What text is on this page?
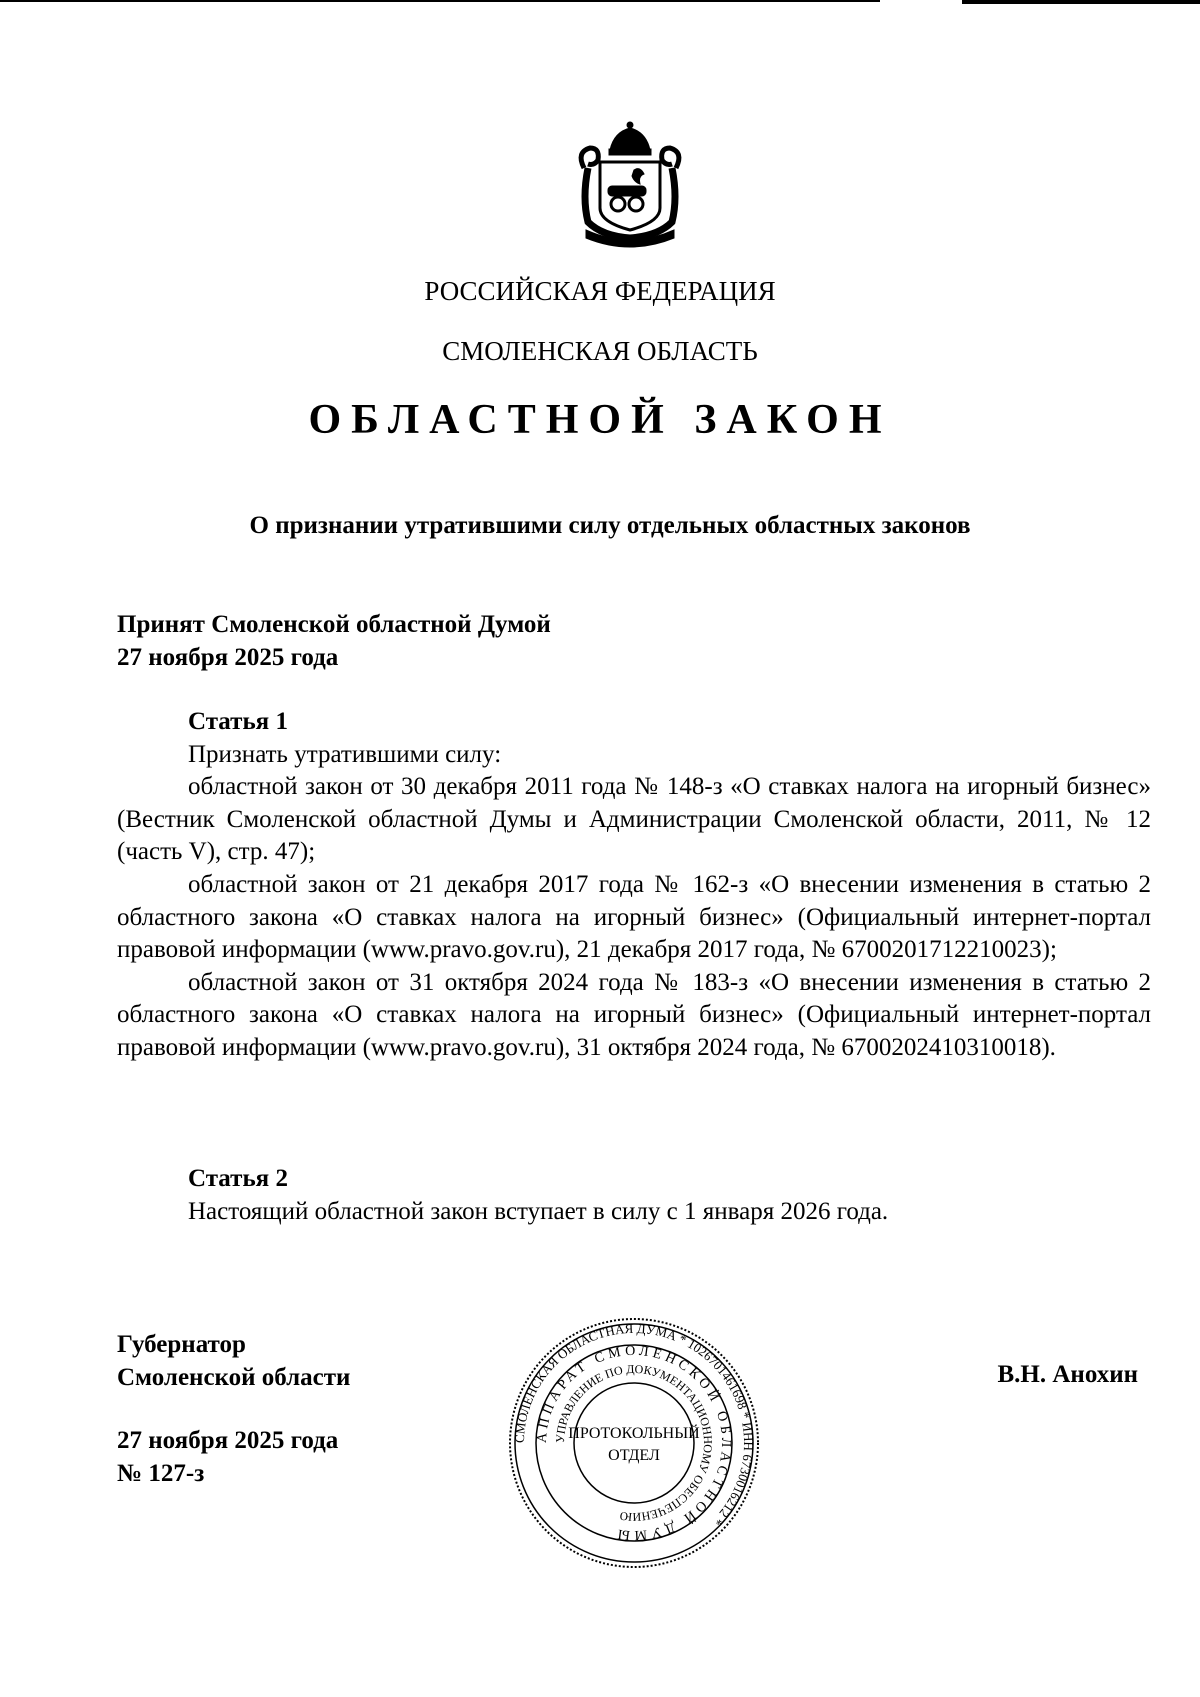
РОССИЙСКАЯ ФЕДЕРАЦИЯ
СМОЛЕНСКАЯ ОБЛАСТЬ
ОБЛАСТНОЙ ЗАКОН
О признании утратившими силу отдельных областных законов
Принят Смоленской областной Думой
27 ноября 2025 года

Статья 1

Признать утратившими силу:

областной закон от 30 декабря 2011 года № 148-з «О ставках налога на игорный бизнес» (Вестник Смоленской областной Думы и Администрации Смоленской области, 2011, № 12 (часть V), стр. 47);

областной закон от 21 декабря 2017 года № 162-з «О внесении изменения в статью 2 областного закона «О ставках налога на игорный бизнес» (Официальный интернет-портал правовой информации (www.pravo.gov.ru), 21 декабря 2017 года, № 6700201712210023);

областной закон от 31 октября 2024 года № 183-з «О внесении изменения в статью 2 областного закона «О ставках налога на игорный бизнес» (Официальный интернет-портал правовой информации (www.pravo.gov.ru), 31 октября 2024 года, № 6700202410310018).

Статья 2

Настоящий областной закон вступает в силу с 1 января 2026 года.

Губернатор
Смоленской области
27 ноября 2025 года
№ 127-з
В.Н. Анохин
СМОЛЕНСКАЯ ОБЛАСТНАЯ ДУМА * 1026701461698 * ИНН 6730016212 *
АППАРАТ СМОЛЕНСКОЙ ОБЛАСТНОЙ ДУМЫ
УПРАВЛЕНИЕ ПО ДОКУМЕНТАЦИОННОМУ ОБЕСПЕЧЕНИЮ
ПРОТОКОЛЬНЫЙ
ОТДЕЛ
